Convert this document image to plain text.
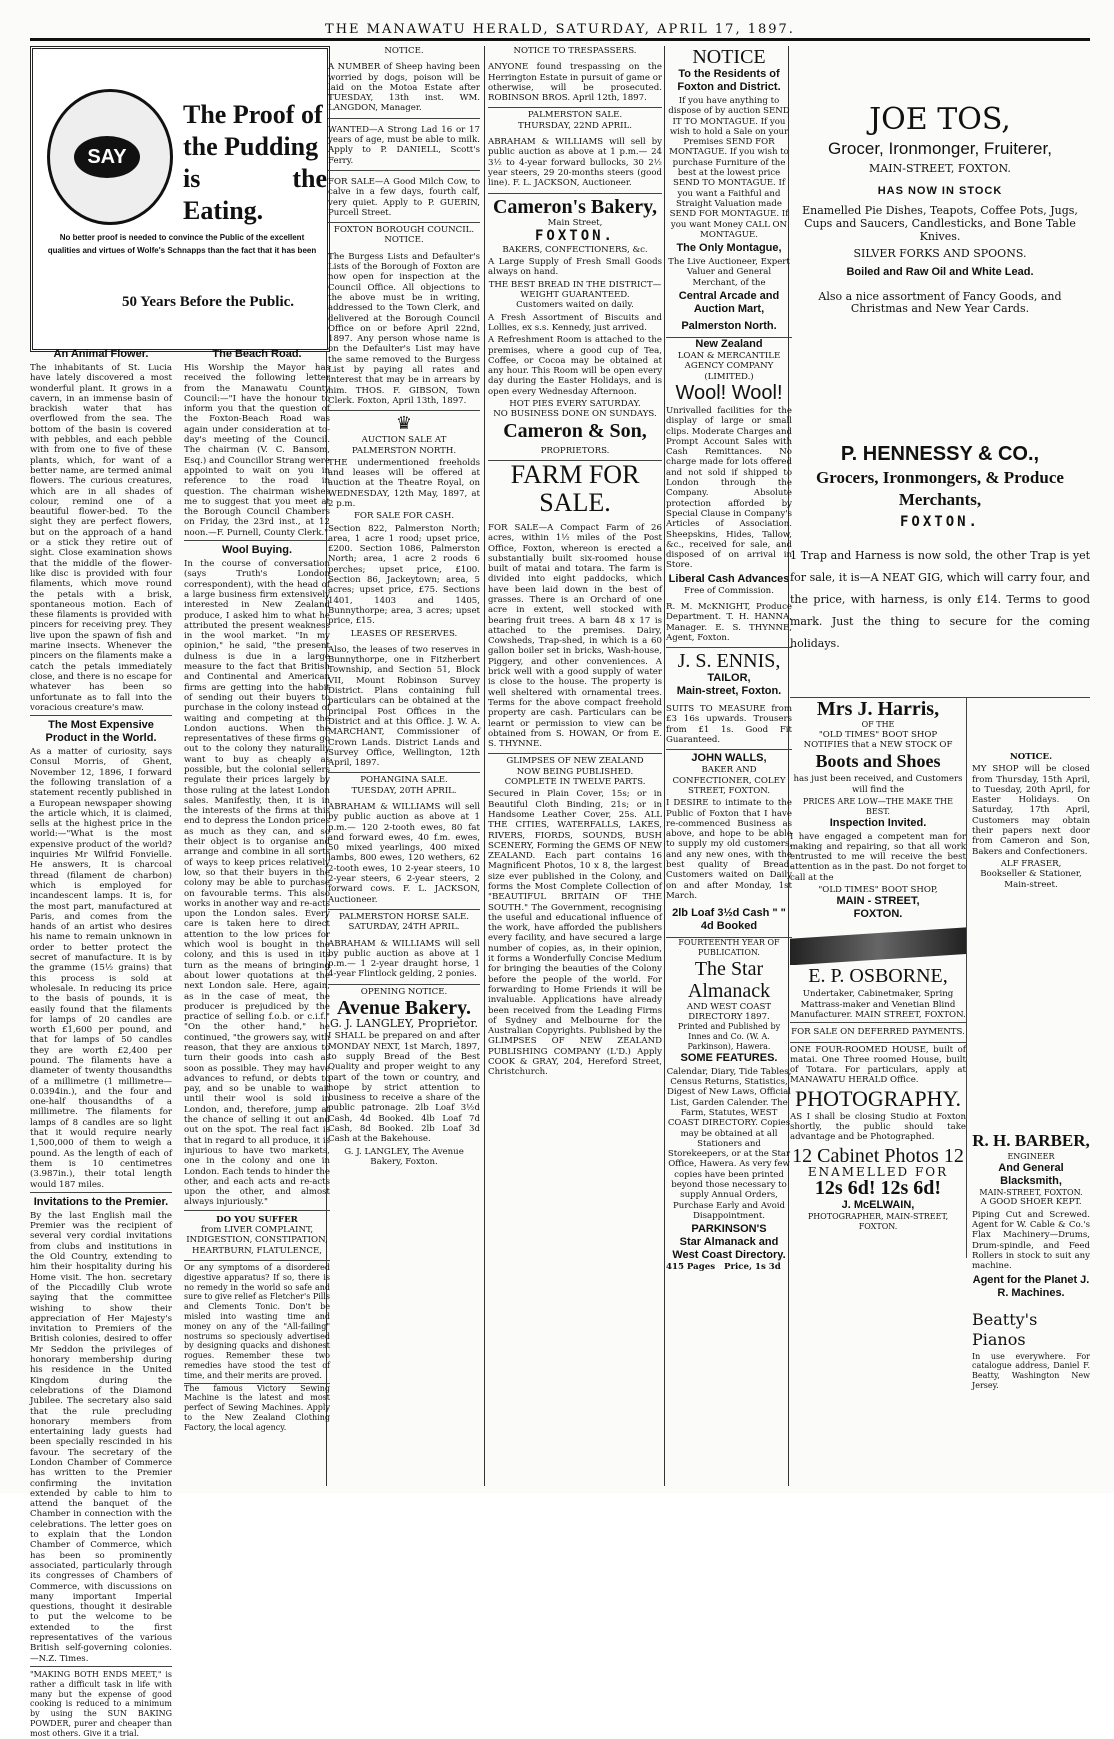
THE MANAWATU HERALD, SATURDAY, APRIL 17, 1897.
SAY
The Proof of
the Pudding
is the Eating.
No better proof is needed to convince the Public of the excellent qualities and virtues of Wolfe's Schnapps than the fact that it has been
50 Years Before the Public.
An Animal Flower.

The inhabitants of St. Lucia have lately discovered a most wonderful plant. It grows in a cavern, in an immense basin of brackish water that has overflowed from the sea. The bottom of the basin is covered with pebbles, and each pebble with from one to five of these plants, which, for want of a better name, are termed animal flowers. The curious creatures, which are in all shades of colour, remind one of a beautiful flower-bed. To the sight they are perfect flowers, but on the approach of a hand or a stick they retire out of sight. Close examination shows that the middle of the flower-like disc is provided with four filaments, which move round the petals with a brisk, spontaneous motion. Each of these filaments is provided with pincers for receiving prey. They live upon the spawn of fish and marine insects. Whenever the pincers on the filaments make a catch the petals immediately close, and there is no escape for whatever has been so unfortunate as to fall into the voracious creature's maw.

The Most Expensive Product in the World.

As a matter of curiosity, says Consul Morris, of Ghent, November 12, 1896, I forward the following translation of a statement recently published in a European newspaper showing the article which, it is claimed, sells at the highest price in the world:—"What is the most expensive product of the world? inquiries Mr Wilfrid Fonvielle. He answers, It is charcoal thread (filament de charbon) which is employed for incandescent lamps. It is, for the most part, manufactured at Paris, and comes from the hands of an artist who desires his name to remain unknown in order to better protect the secret of manufacture. It is by the gramme (15½ grains) that this process is sold at wholesale. In reducing its price to the basis of pounds, it is easily found that the filaments for lamps of 20 candles are worth £1,600 per pound, and that for lamps of 50 candles they are worth £2,400 per pound. The filaments have a diameter of twenty thousandths of a millimetre (1 millimetre—0.0394in.), and the four and one-half thousandths of a millimetre. The filaments for lamps of 8 candles are so light that it would require nearly 1,500,000 of them to weigh a pound. As the length of each of them is 10 centimetres (3.987in.), their total length would 187 miles.

Invitations to the Premier.

By the last English mail the Premier was the recipient of several very cordial invitations from clubs and institutions in the Old Country, extending to him their hospitality during his Home visit. The hon. secretary of the Piccadilly Club wrote saying that the committee wishing to show their appreciation of Her Majesty's invitation to Premiers of the British colonies, desired to offer Mr Seddon the privileges of honorary membership during his residence in the United Kingdom during the celebrations of the Diamond Jubilee. The secretary also said that the rule precluding honorary members from entertaining lady guests had been specially rescinded in his favour. The secretary of the London Chamber of Commerce has written to the Premier confirming the invitation extended by cable to him to attend the banquet of the Chamber in connection with the celebrations. The letter goes on to explain that the London Chamber of Commerce, which has been so prominently associated, particularly through its congresses of Chambers of Commerce, with discussions on many important Imperial questions, thought it desirable to put the welcome to be extended to the first representatives of the various British self-governing colonies.—N.Z. Times.

"MAKING BOTH ENDS MEET," is rather a difficult task in life with many but the expense of good cooking is reduced to a minimum by using the SUN BAKING POWDER, purer and cheaper than most others. Give it a trial.

The Beach Road.

His Worship the Mayor has received the following letter from the Manawatu County Council:—"I have the honour to inform you that the question of the Foxton-Beach Road was again under consideration at to-day's meeting of the Council. The chairman (V. C. Bansom, Esq.) and Councillor Strang were appointed to wait on you in reference to the road in question. The chairman wishes me to suggest that you meet at the Borough Council Chambers on Friday, the 23rd inst., at 12 noon.—F. Purnell, County Clerk."

Wool Buying.

In the course of conversation (says Truth's London correspondent), with the head of a large business firm extensively interested in New Zealand produce, I asked him to what he attributed the present weakness in the wool market. "In my opinion," he said, "the present dulness is due in a large measure to the fact that British and Continental and American firms are getting into the habit of sending out their buyers to purchase in the colony instead of waiting and competing at the London auctions. When the representatives of these firms go out to the colony they naturally want to buy as cheaply as possible, but the colonial sellers regulate their prices largely by those ruling at the latest London sales. Manifestly, then, it is in the interests of the firms at this end to depress the London prices as much as they can, and so their object is to organise and arrange and combine in all sorts of ways to keep prices relatively low, so that their buyers in the colony may be able to purchase on favourable terms. This also works in another way and re-acts upon the London sales. Every care is taken here to direct attention to the low prices for which wool is bought in the colony, and this is used in its turn as the means of bringing about lower quotations at the next London sale. Here, again, as in the case of meat, the producer is prejudiced by the practice of selling f.o.b. or c.i.f." "On the other hand," he continued, "the growers say, with reason, that they are anxious to turn their goods into cash as soon as possible. They may have advances to refund, or debts to pay, and so be unable to wait until their wool is sold in London, and, therefore, jump at the chance of selling it out and out on the spot. The real fact is that in regard to all produce, it is injurious to have two markets, one in the colony and one in London. Each tends to hinder the other, and each acts and re-acts upon the other, and almost always injuriously."

DO YOU SUFFER
from LIVER COMPLAINT, INDIGESTION, CONSTIPATION, HEARTBURN, FLATULENCE,

Or any symptoms of a disordered digestive apparatus? If so, there is no remedy in the world so safe and sure to give relief as Fletcher's Pills and Clements Tonic. Don't be misled into wasting time and money on any of the "All-failing" nostrums so speciously advertised by designing quacks and dishonest rogues. Remember these two remedies have stood the test of time, and their merits are proved.

The famous Victory Sewing Machine is the latest and most perfect of Sewing Machines. Apply to the New Zealand Clothing Factory, the local agency.

NOTICE.

A NUMBER of Sheep having been worried by dogs, poison will be laid on the Motoa Estate after TUESDAY, 13th inst. WM. LANGDON, Manager.

WANTED—A Strong Lad 16 or 17 years of age, must be able to milk. Apply to P. DANIELL, Scott's Ferry.

FOR SALE—A Good Milch Cow, to calve in a few days, fourth calf, very quiet. Apply to P. GUERIN, Purcell Street.

FOXTON BOROUGH COUNCIL.
NOTICE.

The Burgess Lists and Defaulter's Lists of the Borough of Foxton are now open for inspection at the Council Office. All objections to the above must be in writing, addressed to the Town Clerk, and delivered at the Borough Council Office on or before April 22nd, 1897. Any person whose name is on the Defaulter's List may have the same removed to the Burgess List by paying all rates and interest that may be in arrears by him. THOS. F. GIBSON, Town Clerk. Foxton, April 13th, 1897.

♛
AUCTION SALE AT PALMERSTON NORTH.

THE undermentioned freeholds and leases will be offered at auction at the Theatre Royal, on WEDNESDAY, 12th May, 1897, at 2 p.m.

FOR SALE FOR CASH.

Section 822, Palmerston North; area, 1 acre 1 rood; upset price, £200. Section 1086, Palmerston North; area, 1 acre 2 roods 6 perches; upset price, £100. Section 86, Jackeytown; area, 5 acres; upset price, £75. Sections 1401, 1403 and 1405, Bunnythorpe; area, 3 acres; upset price, £15.

LEASES OF RESERVES.

Also, the leases of two reserves in Bunnythorpe, one in Fitzherbert Township, and Section 51, Block VII, Mount Robinson Survey District. Plans containing full particulars can be obtained at the principal Post Offices in the District and at this Office. J. W. A. MARCHANT, Commissioner of Crown Lands. District Lands and Survey Office, Wellington, 12th April, 1897.

POHANGINA SALE.
TUESDAY, 20TH APRIL.

ABRAHAM & WILLIAMS will sell by public auction as above at 1 p.m.— 120 2-tooth ewes, 80 fat and forward ewes, 40 f.m. ewes, 50 mixed yearlings, 400 mixed lambs, 800 ewes, 120 wethers, 62 2-tooth ewes, 10 2-year steers, 10 2-year steers, 6 2-year steers, 2 forward cows. F. L. JACKSON, Auctioneer.

PALMERSTON HORSE SALE.
SATURDAY, 24TH APRIL.

ABRAHAM & WILLIAMS will sell by public auction as above at 1 p.m.— 1 2-year draught horse, 1 4-year Flintlock gelding, 2 ponies.

OPENING NOTICE.
Avenue Bakery.
G. J. LANGLEY, Proprietor.

I SHALL be prepared on and after MONDAY NEXT, 1st March, 1897, to supply Bread of the Best Quality and proper weight to any part of the town or country, and hope by strict attention to business to receive a share of the public patronage. 2lb Loaf 3½d Cash, 4d Booked. 4lb Loaf 7d Cash, 8d Booked. 2lb Loaf 3d Cash at the Bakehouse.

G. J. LANGLEY, The Avenue Bakery, Foxton.
NOTICE TO TRESPASSERS.

ANYONE found trespassing on the Herrington Estate in pursuit of game or otherwise, will be prosecuted. ROBINSON BROS. April 12th, 1897.

PALMERSTON SALE.
THURSDAY, 22ND APRIL.

ABRAHAM & WILLIAMS will sell by public auction as above at 1 p.m.— 24 3½ to 4-year forward bullocks, 30 2½ year steers, 29 20-months steers (good line). F. L. JACKSON, Auctioneer.

Cameron's Bakery,
Main Street,
FOXTON.
BAKERS, CONFECTIONERS, &c.

A Large Supply of Fresh Small Goods always on hand.

THE BEST BREAD IN THE DISTRICT—WEIGHT GUARANTEED.
Customers waited on daily.

A Fresh Assortment of Biscuits and Lollies, ex s.s. Kennedy, just arrived.

A Refreshment Room is attached to the premises, where a good cup of Tea, Coffee, or Cocoa may be obtained at any hour. This Room will be open every day during the Easter Holidays, and is open every Wednesday Afternoon.

HOT PIES EVERY SATURDAY.
NO BUSINESS DONE ON SUNDAYS.
Cameron & Son,
PROPRIETORS.
FARM FOR SALE.

FOR SALE—A Compact Farm of 26 acres, within 1½ miles of the Post Office, Foxton, whereon is erected a substantially built six-roomed house built of matai and totara. The farm is divided into eight paddocks, which have been laid down in the best of grasses. There is an Orchard of one acre in extent, well stocked with bearing fruit trees. A barn 48 x 17 is attached to the premises. Dairy, Cowsheds, Trap-shed, in which is a 60 gallon boiler set in bricks, Wash-house, Piggery, and other conveniences. A brick well with a good supply of water is close to the house. The property is well sheltered with ornamental trees. Terms for the above compact freehold property are cash. Particulars can be learnt or permission to view can be obtained from S. HOWAN, Or from E. S. THYNNE.

GLIMPSES OF NEW ZEALAND
NOW BEING PUBLISHED.
COMPLETE IN TWELVE PARTS.

Secured in Plain Cover, 15s; or in Beautiful Cloth Binding, 21s; or in Handsome Leather Cover, 25s. ALL THE CITIES, WATERFALLS, LAKES, RIVERS, FIORDS, SOUNDS, BUSH SCENERY, Forming the GEMS OF NEW ZEALAND. Each part contains 16 Magnificent Photos, 10 x 8, the largest size ever published in the Colony, and forms the Most Complete Collection of "BEAUTIFUL BRITAIN OF THE SOUTH." The Government, recognising the useful and educational influence of the work, have afforded the publishers every facility, and have secured a large number of copies, as, in their opinion, it forms a Wonderfully Concise Medium for bringing the beauties of the Colony before the people of the world. For forwarding to Home Friends it will be invaluable. Applications have already been received from the Leading Firms of Sydney and Melbourne for the Australian Copyrights. Published by the GLIMPSES OF NEW ZEALAND PUBLISHING COMPANY (L'D.) Apply COOK & GRAY, 204, Hereford Street, Christchurch.

NOTICE
To the Residents of Foxton and District.

If you have anything to dispose of by auction SEND IT TO MONTAGUE. If you wish to hold a Sale on your Premises SEND FOR MONTAGUE. If you wish to purchase Furniture of the best at the lowest price SEND TO MONTAGUE. If you want a Faithful and Straight Valuation made SEND FOR MONTAGUE. If you want Money CALL ON MONTAGUE.

The Only Montague,

The Live Auctioneer, Expert Valuer and General Merchant, of the

Central Arcade and Auction Mart,
Palmerston North.
New Zealand
LOAN & MERCANTILE AGENCY COMPANY (LIMITED.)
Wool! Wool!

Unrivalled facilities for the display of large or small clips. Moderate Charges and Prompt Account Sales with Cash Remittances. No charge made for lots offered and not sold if shipped to London through the Company. Absolute protection afforded by Special Clause in Company's Articles of Association. Sheepskins, Hides, Tallow, &c., received for sale, and disposed of on arrival in Store.

Liberal Cash Advances
Free of Commission.

R. M. McKNIGHT, Produce Department. T. H. HANNA, Manager. E. S. THYNNE, Agent, Foxton.

J. S. ENNIS,
TAILOR,
Main-street, Foxton.

SUITS TO MEASURE from £3 16s upwards. Trousers from £1 1s. Good Fit Guaranteed.

JOHN WALLS,
BAKER AND CONFECTIONER, COLEY STREET, FOXTON.

I DESIRE to intimate to the Public of Foxton that I have re-commenced Business as above, and hope to be able to supply my old customers, and any new ones, with the best quality of Bread. Customers waited on Daily on and after Monday, 1st March.

2lb Loaf 3½d Cash " " 4d Booked
FOURTEENTH YEAR OF PUBLICATION.
The Star Almanack
AND WEST COAST DIRECTORY 1897.
Printed and Published by Innes and Co. (W. A. Parkinson), Hawera.
SOME FEATURES.

Calendar, Diary, Tide Tables, Census Returns, Statistics, Digest of New Laws, Official List, Garden Calender. The Farm, Statutes, WEST COAST DIRECTORY. Copies may be obtained at all Stationers and Storekeepers, or at the Star Office, Hawera. As very few copies have been printed beyond those necessary to supply Annual Orders, Purchase Early and Avoid Disappointment.

PARKINSON'S
Star Almanack and West Coast Directory.
415 Pages Price, 1s 3d
JOE TOS,
Grocer, Ironmonger, Fruiterer,
MAIN-STREET, FOXTON.
HAS NOW IN STOCK
Enamelled Pie Dishes, Teapots, Coffee Pots, Jugs, Cups and Saucers, Candlesticks, and Bone Table Knives.
SILVER FORKS AND SPOONS.
Boiled and Raw Oil and White Lead.
Also a nice assortment of Fancy Goods, and Christmas and New Year Cards.
P. HENNESSY & CO.,
Grocers, Ironmongers, & Produce Merchants,
FOXTON.

1 Trap and Harness is now sold, the other Trap is yet for sale, it is—A NEAT GIG, which will carry four, and the price, with harness, is only £14. Terms to good mark. Just the thing to secure for the coming holidays.

Mrs J. Harris,
OF THE
"OLD TIMES" BOOT SHOP
NOTIFIES that a NEW STOCK OF
Boots and Shoes

has just been received, and Customers will find the

PRICES ARE LOW—THE MAKE THE BEST.
Inspection Invited.

I have engaged a competent man for making and repairing, so that all work entrusted to me will receive the best attention as in the past. Do not forget to call at the

"OLD TIMES" BOOT SHOP,
MAIN - STREET,
FOXTON.
E. P. OSBORNE,

Undertaker, Cabinetmaker, Spring Mattrass-maker and Venetian Blind Manufacturer. MAIN STREET, FOXTON.

FOR SALE ON DEFERRED PAYMENTS.

ONE FOUR-ROOMED HOUSE, built of matai. One Three roomed House, built of Totara. For particulars, apply at MANAWATU HERALD Office.

PHOTOGRAPHY.

AS I shall be closing Studio at Foxton shortly, the public should take advantage and be Photographed.

12 Cabinet Photos 12
ENAMELLED FOR
12s 6d! 12s 6d!
J. McELWAIN,
PHOTOGRAPHER, MAIN-STREET, FOXTON.
NOTICE.

MY SHOP will be closed from Thursday, 15th April, to Tuesday, 20th April, for Easter Holidays. On Saturday, 17th April, Customers may obtain their papers next door from Cameron and Son, Bakers and Confectioners.

ALF FRASER,
Bookseller & Stationer, Main-street.
R. H. BARBER,
ENGINEER
And General Blacksmith,
MAIN-STREET, FOXTON.
A GOOD SHOER KEPT.

Piping Cut and Screwed. Agent for W. Cable & Co.'s Flax Machinery—Drums, Drum-spindle, and Feed Rollers in stock to suit any machine.

Agent for the Planet J. R. Machines.
Beatty's Pianos

In use everywhere. For catalogue address, Daniel F. Beatty, Washington New Jersey.
